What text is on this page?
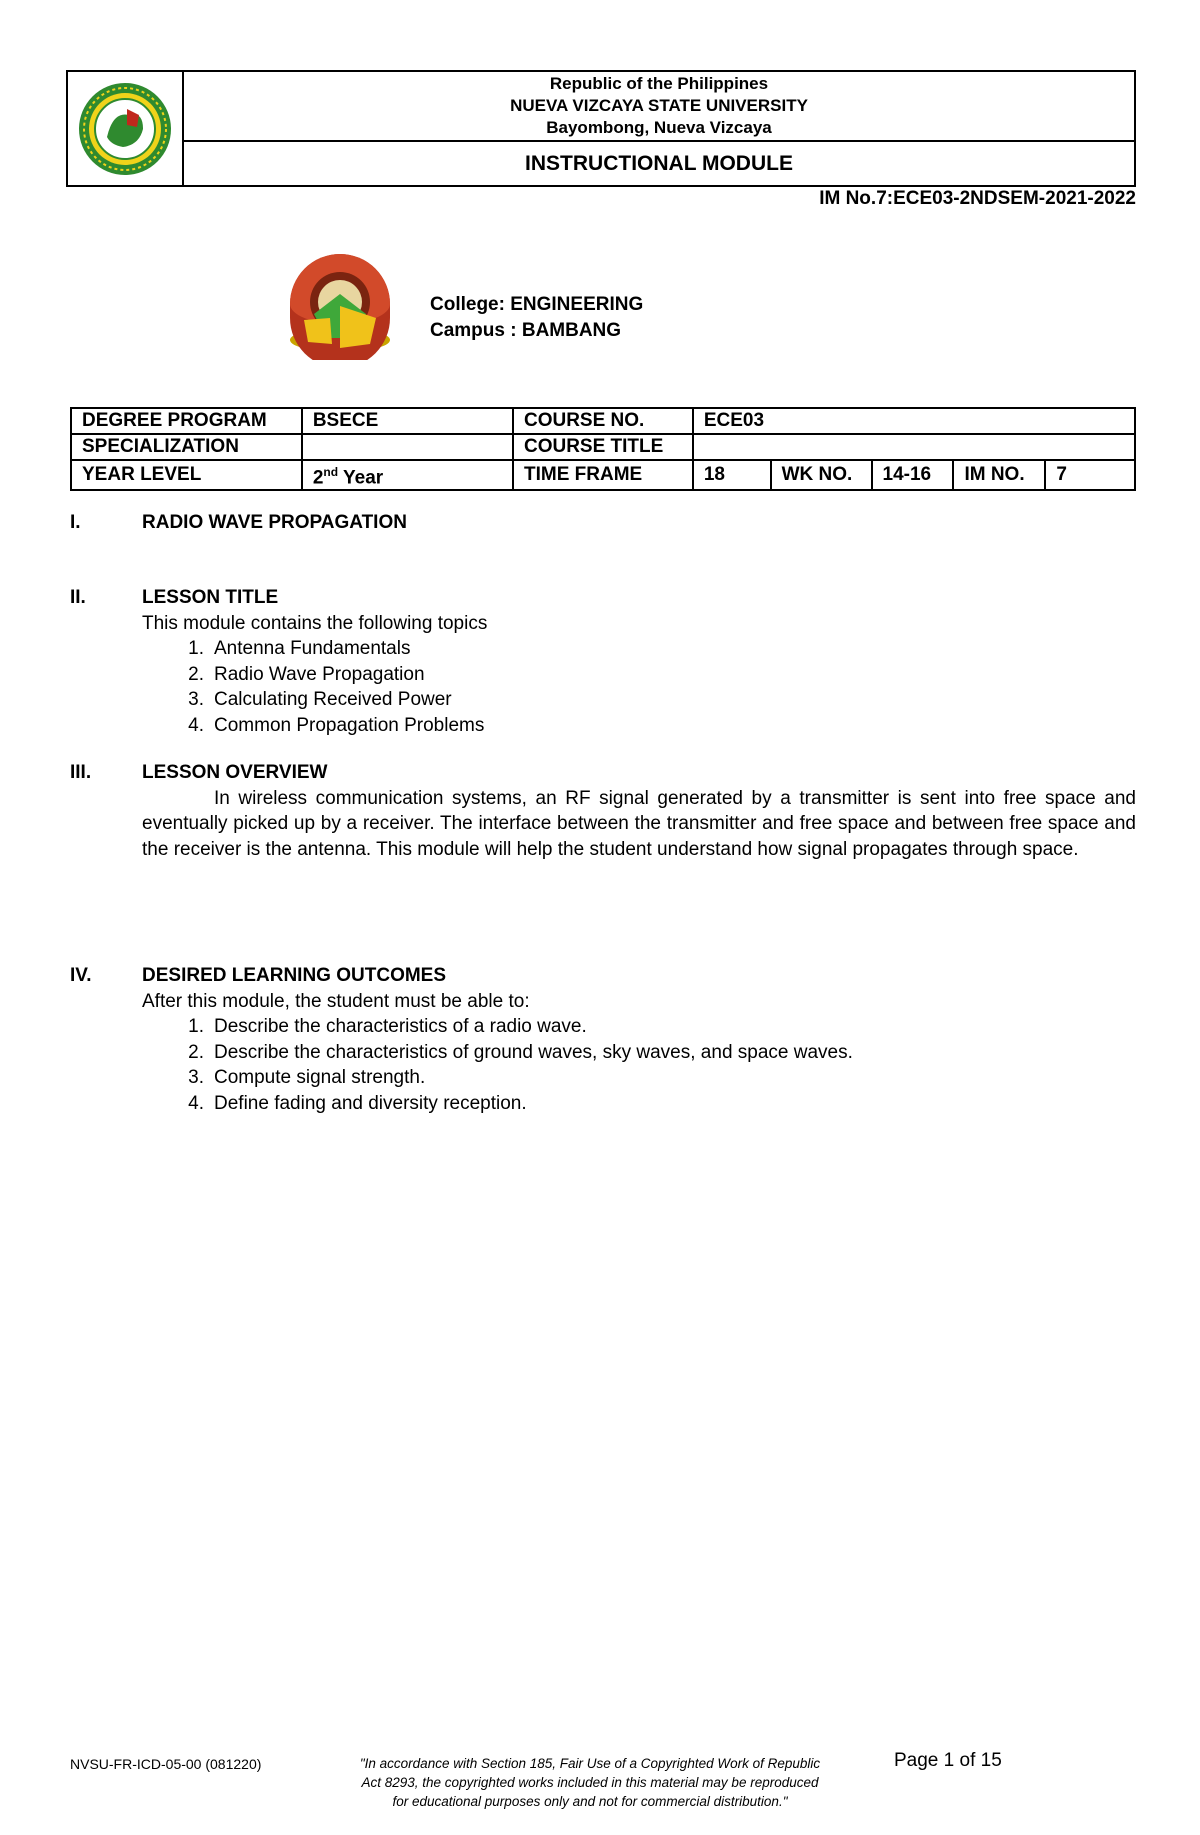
Republic of the Philippines
NUEVA VIZCAYA STATE UNIVERSITY
Bayombong, Nueva Vizcaya
INSTRUCTIONAL MODULE
IM No.7:ECE03-2NDSEM-2021-2022
College: ENGINEERING
Campus : BAMBANG
DEGREE PROGRAM	BSECE	COURSE NO.	ECE03				
SPECIALIZATION		COURSE TITLE					
YEAR LEVEL	2nd Year	TIME FRAME	18	WK NO.	14-16	IM NO.	7
I.	RADIO WAVE PROPAGATION
II.	LESSON TITLE
This module contains the following topics
1. Antenna Fundamentals
2. Radio Wave Propagation
3. Calculating Received Power
4. Common Propagation Problems
III.	LESSON OVERVIEW

In wireless communication systems, an RF signal generated by a transmitter is sent into free space and eventually picked up by a receiver. The interface between the transmitter and free space and between free space and the receiver is the antenna. This module will help the student understand how signal propagates through space.

IV.	DESIRED LEARNING OUTCOMES
After this module, the student must be able to:
1. Describe the characteristics of a radio wave.
2. Describe the characteristics of ground waves, sky waves, and space waves.
3. Compute signal strength.
4. Define fading and diversity reception.
NVSU-FR-ICD-05-00 (081220)	"In accordance with Section 185, Fair Use of a Copyrighted Work of Republic
Act 8293, the copyrighted works included in this material may be reproduced
for educational purposes only and not for commercial distribution."
Page 1 of 15
